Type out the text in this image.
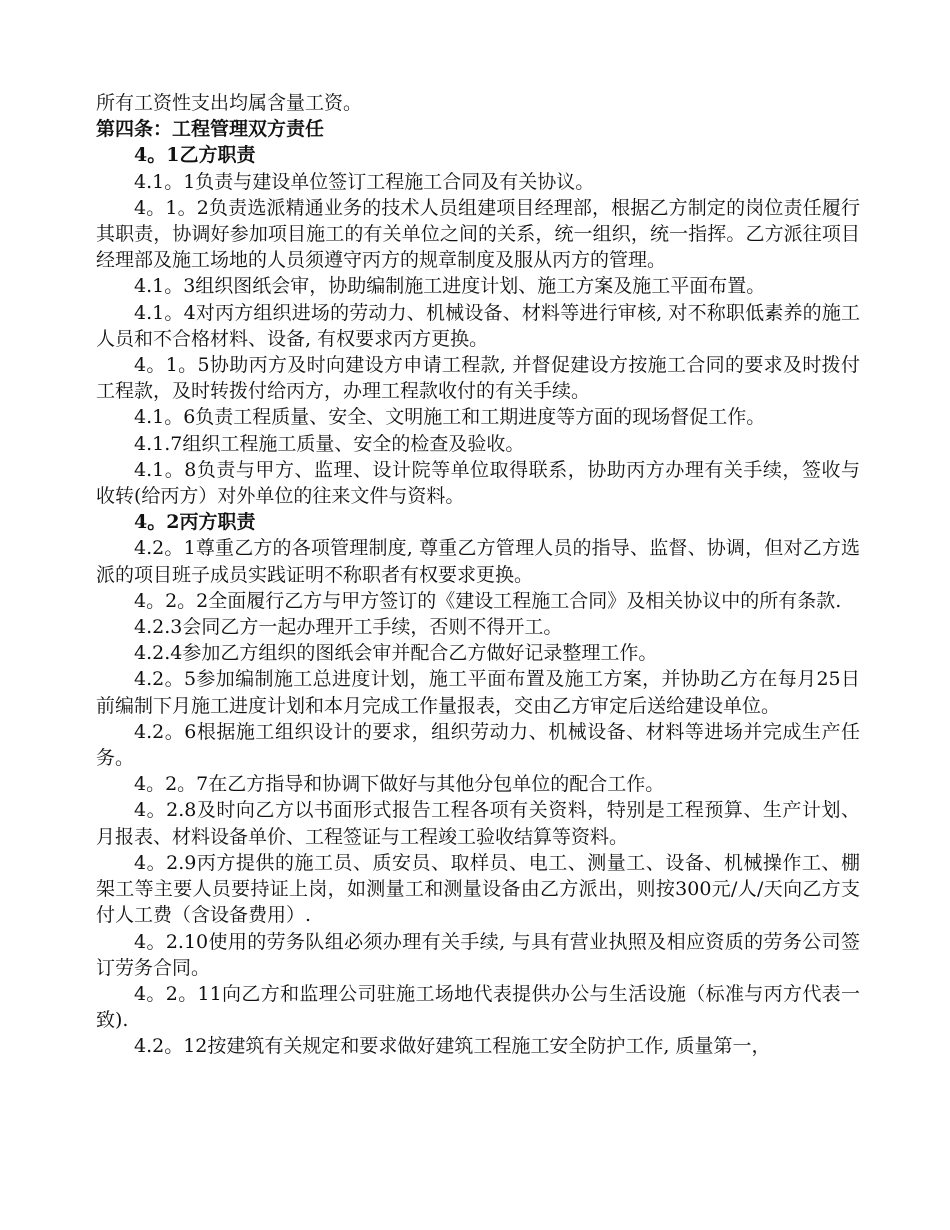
所有工资性支出均属含量工资。

第四条：工程管理双方责任

4。1乙方职责

4.1。1负责与建设单位签订工程施工合同及有关协议。

4。1。2负责选派精通业务的技术人员组建项目经理部，根据乙方制定的岗位责任履行其职责，协调好参加项目施工的有关单位之间的关系，统一组织，统一指挥。乙方派往项目经理部及施工场地的人员须遵守丙方的规章制度及服从丙方的管理。

4.1。3组织图纸会审，协助编制施工进度计划、施工方案及施工平面布置。

4.1。4对丙方组织进场的劳动力、机械设备、材料等进行审核, 对不称职低素养的施工人员和不合格材料、设备, 有权要求丙方更换。

4。1。5协助丙方及时向建设方申请工程款, 并督促建设方按施工合同的要求及时拨付工程款，及时转拨付给丙方，办理工程款收付的有关手续。

4.1。6负责工程质量、安全、文明施工和工期进度等方面的现场督促工作。

4.1.7组织工程施工质量、安全的检查及验收。

4.1。8负责与甲方、监理、设计院等单位取得联系，协助丙方办理有关手续，签收与收转(给丙方）对外单位的往来文件与资料。

4。2丙方职责

4.2。1尊重乙方的各项管理制度, 尊重乙方管理人员的指导、监督、协调，但对乙方选派的项目班子成员实践证明不称职者有权要求更换。

4。2。2全面履行乙方与甲方签订的《建设工程施工合同》及相关协议中的所有条款.

4.2.3会同乙方一起办理开工手续，否则不得开工。

4.2.4参加乙方组织的图纸会审并配合乙方做好记录整理工作。

4.2。5参加编制施工总进度计划，施工平面布置及施工方案，并协助乙方在每月25日前编制下月施工进度计划和本月完成工作量报表，交由乙方审定后送给建设单位。

4.2。6根据施工组织设计的要求，组织劳动力、机械设备、材料等进场并完成生产任务。

4。2。7在乙方指导和协调下做好与其他分包单位的配合工作。

4。2.8及时向乙方以书面形式报告工程各项有关资料，特别是工程预算、生产计划、月报表、材料设备单价、工程签证与工程竣工验收结算等资料。

4。2.9丙方提供的施工员、质安员、取样员、电工、测量工、设备、机械操作工、棚架工等主要人员要持证上岗，如测量工和测量设备由乙方派出，则按300元/人/天向乙方支付人工费（含设备费用）.

4。2.10使用的劳务队组必须办理有关手续, 与具有营业执照及相应资质的劳务公司签订劳务合同。

4。2。11向乙方和监理公司驻施工场地代表提供办公与生活设施（标准与丙方代表一致).

4.2。12按建筑有关规定和要求做好建筑工程施工安全防护工作, 质量第一，
